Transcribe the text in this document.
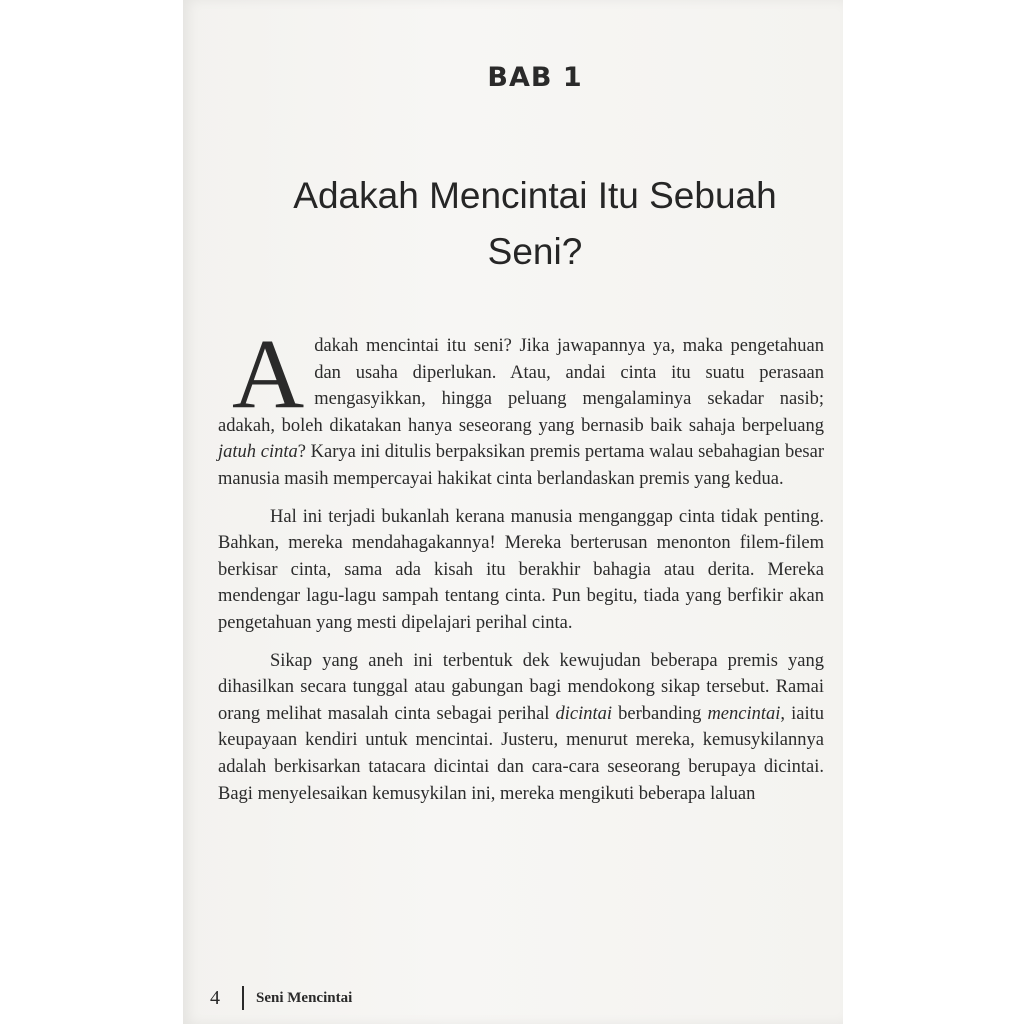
BAB 1
Adakah Mencintai Itu Sebuah
Seni?

Adakah mencintai itu seni? Jika jawapannya ya, maka pengetahuan dan usaha diperlukan. Atau, andai cinta itu suatu perasaan mengasyikkan, hingga peluang mengalaminya sekadar nasib; adakah, boleh dikatakan hanya seseorang yang bernasib baik sahaja berpeluang jatuh cinta? Karya ini ditulis berpaksikan premis pertama walau sebahagian besar manusia masih mempercayai hakikat cinta berlandaskan premis yang kedua.

Hal ini terjadi bukanlah kerana manusia menganggap cinta tidak penting. Bahkan, mereka mendahagakannya! Mereka berterusan menonton filem-filem berkisar cinta, sama ada kisah itu berakhir bahagia atau derita. Mereka mendengar lagu-lagu sampah tentang cinta. Pun begitu, tiada yang berfikir akan pengetahuan yang mesti dipelajari perihal cinta.

Sikap yang aneh ini terbentuk dek kewujudan beberapa premis yang dihasilkan secara tunggal atau gabungan bagi mendokong sikap tersebut. Ramai orang melihat masalah cinta sebagai perihal dicintai berbanding mencintai, iaitu keupayaan kendiri untuk mencintai. Justeru, menurut mereka, kemusykilannya adalah berkisarkan tatacara dicintai dan cara-cara seseorang berupaya dicintai. Bagi menyelesaikan kemusykilan ini, mereka mengikuti beberapa laluan

4 Seni Mencintai
